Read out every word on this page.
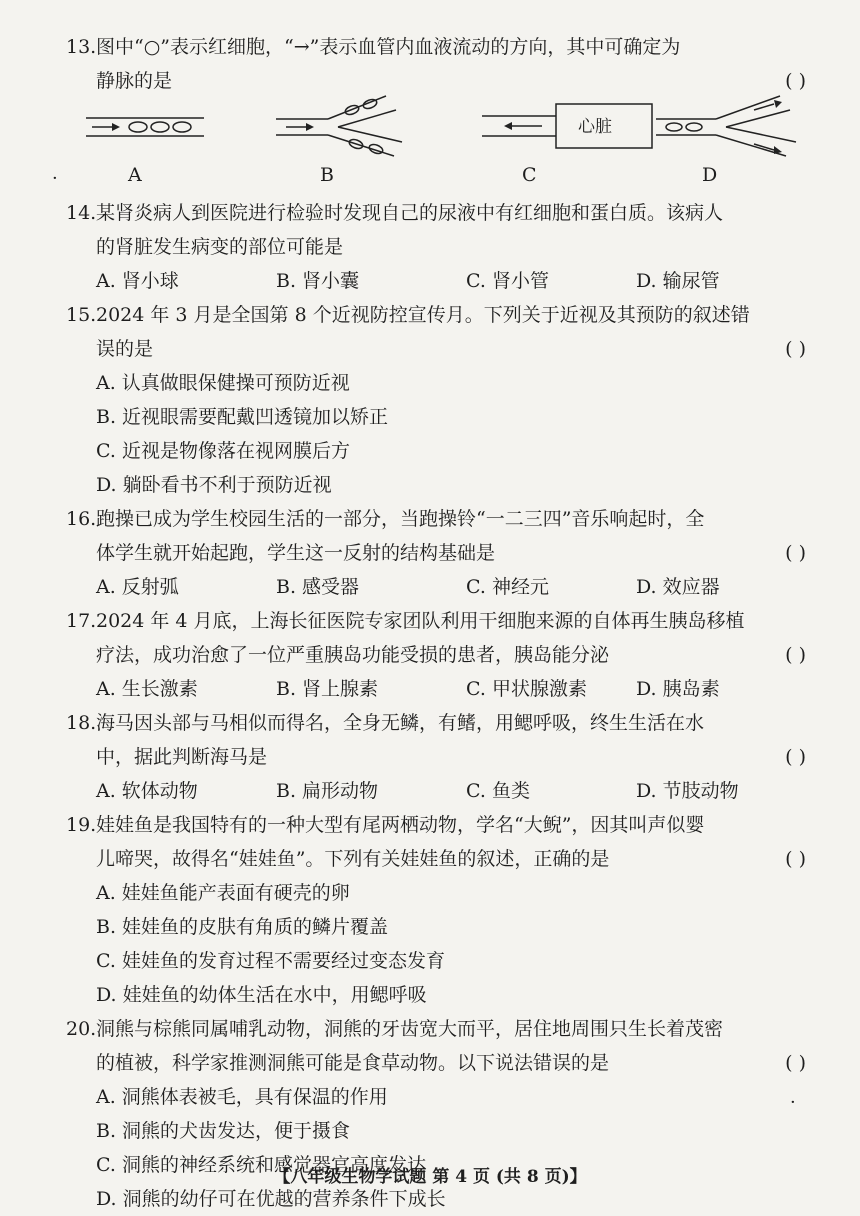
13.图中“○”表示红细胞，“→”表示血管内血液流动的方向，其中可确定为
静脉的是	( )
A	B
心脏
C	D
·
14.某肾炎病人到医院进行检验时发现自己的尿液中有红细胞和蛋白质。该病人
的肾脏发生病变的部位可能是
A. 肾小球	B. 肾小囊	C. 肾小管	D. 输尿管
15.2024 年 3 月是全国第 8 个近视防控宣传月。下列关于近视及其预防的叙述错
误的是	( )
A. 认真做眼保健操可预防近视
B. 近视眼需要配戴凹透镜加以矫正
C. 近视是物像落在视网膜后方
D. 躺卧看书不利于预防近视
16.跑操已成为学生校园生活的一部分，当跑操铃“一二三四”音乐响起时，全
体学生就开始起跑，学生这一反射的结构基础是	( )
A. 反射弧	B. 感受器	C. 神经元	D. 效应器
17.2024 年 4 月底，上海长征医院专家团队利用干细胞来源的自体再生胰岛移植
疗法，成功治愈了一位严重胰岛功能受损的患者，胰岛能分泌	( )
A. 生长激素	B. 肾上腺素	C. 甲状腺激素	D. 胰岛素
18.海马因头部与马相似而得名，全身无鳞，有鳍，用鳃呼吸，终生生活在水
中，据此判断海马是	( )
A. 软体动物	B. 扁形动物	C. 鱼类	D. 节肢动物
19.娃娃鱼是我国特有的一种大型有尾两栖动物，学名“大鲵”，因其叫声似婴
儿啼哭，故得名“娃娃鱼”。下列有关娃娃鱼的叙述，正确的是	( )
A. 娃娃鱼能产表面有硬壳的卵
B. 娃娃鱼的皮肤有角质的鳞片覆盖
C. 娃娃鱼的发育过程不需要经过变态发育
D. 娃娃鱼的幼体生活在水中，用鳃呼吸
20.洞熊与棕熊同属哺乳动物，洞熊的牙齿宽大而平，居住地周围只生长着茂密
的植被，科学家推测洞熊可能是食草动物。以下说法错误的是	( )
A. 洞熊体表被毛，具有保温的作用
B. 洞熊的犬齿发达，便于摄食
C. 洞熊的神经系统和感觉器官高度发达
D. 洞熊的幼仔可在优越的营养条件下成长
·
【八年级生物学试题 第 4 页 (共 8 页)】
